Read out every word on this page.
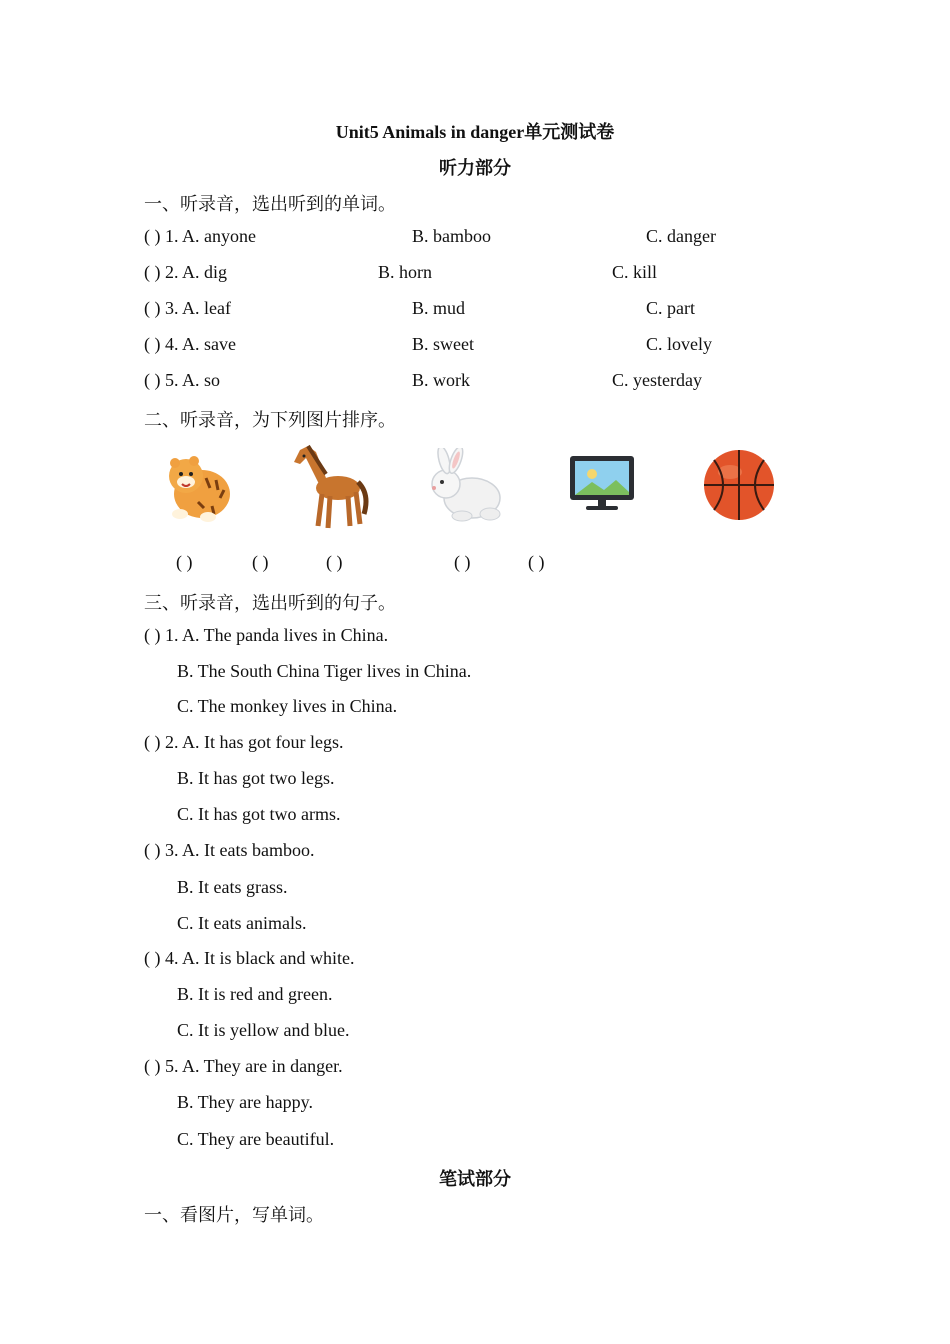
Unit5 Animals in danger单元测试卷
听力部分
一、听录音，选出听到的单词。
( ) 1. A. anyone	B. bamboo	C. danger
( ) 2. A. dig	B. horn	C. kill
( ) 3. A. leaf	B. mud	C. part
( ) 4. A. save	B. sweet	C. lovely
( ) 5. A. so	B. work	C. yesterday
二、听录音，为下列图片排序。
( )	( )	( )	( )	( )
三、听录音，选出听到的句子。
( ) 1. A. The panda lives in China.
B. The South China Tiger lives in China.
C. The monkey lives in China.
( ) 2. A. It has got four legs.
B. It has got two legs.
C. It has got two arms.
( ) 3. A. It eats bamboo.
B. It eats grass.
C. It eats animals.
( ) 4. A. It is black and white.
B. It is red and green.
C. It is yellow and blue.
( ) 5. A. They are in danger.
B. They are happy.
C. They are beautiful.
笔试部分
一、看图片，写单词。
